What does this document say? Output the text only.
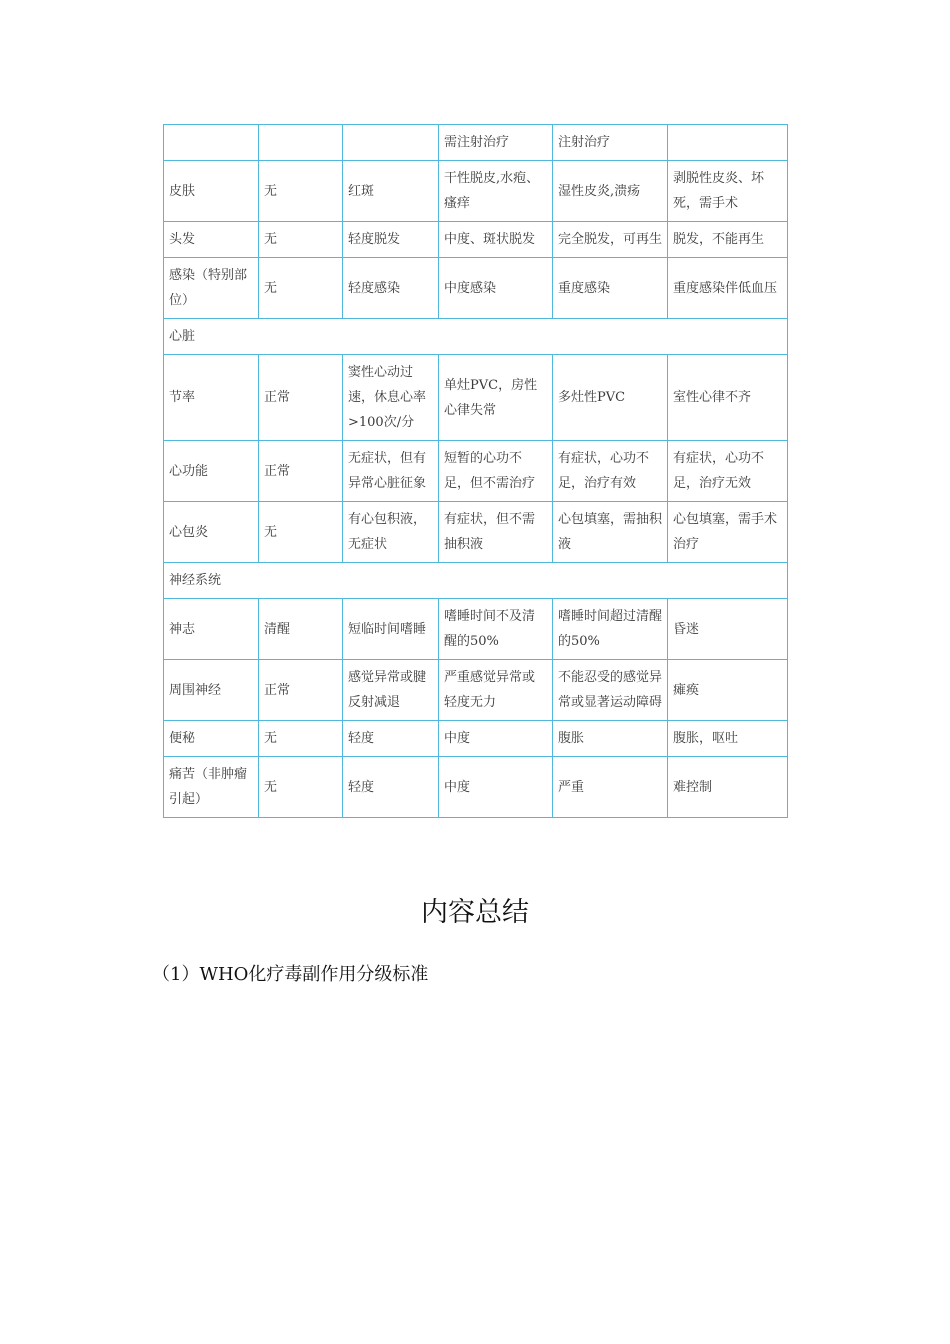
			需注射治疗	注射治疗	
皮肤	无	红斑	干性脱皮,水疱、瘙痒	湿性皮炎,溃疡	剥脱性皮炎、坏死，需手术
头发	无	轻度脱发	中度、斑状脱发	完全脱发，可再生	脱发，不能再生
感染（特别部位）	无	轻度感染	中度感染	重度感染	重度感染伴低血压
心脏					
节率	正常	窦性心动过速，休息心率>100次/分	单灶PVC，房性心律失常	多灶性PVC	室性心律不齐
心功能	正常	无症状，但有异常心脏征象	短暂的心功不足，但不需治疗	有症状，心功不足，治疗有效	有症状，心功不足，治疗无效
心包炎	无	有心包积液，无症状	有症状，但不需抽积液	心包填塞，需抽积液	心包填塞，需手术治疗
神经系统					
神志	清醒	短临时间嗜睡	嗜睡时间不及清醒的50%	嗜睡时间超过清醒的50%	昏迷
周围神经	正常	感觉异常或腱反射减退	严重感觉异常或轻度无力	不能忍受的感觉异常或显著运动障碍	瘫痪
便秘	无	轻度	中度	腹胀	腹胀，呕吐
痛苦（非肿瘤引起）	无	轻度	中度	严重	难控制
内容总结
（1）WHO化疗毒副作用分级标准
